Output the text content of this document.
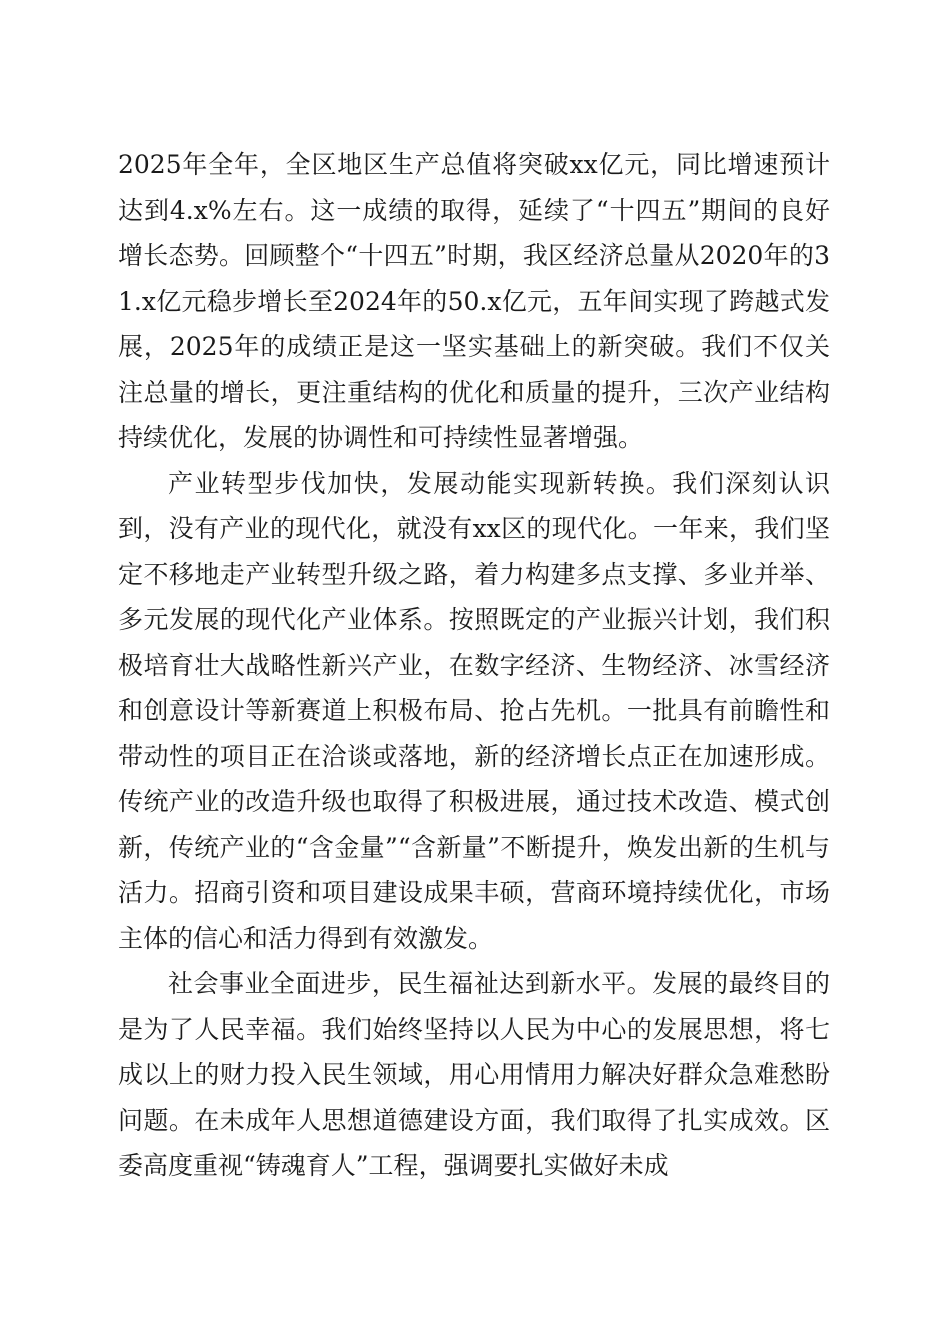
2025年全年，全区地区生产总值将突破xx亿元，同比增速预计达到4.x%左右。这一成绩的取得，延续了“十四五”期间的良好增长态势。回顾整个“十四五”时期，我区经济总量从2020年的31.x亿元稳步增长至2024年的50.x亿元，五年间实现了跨越式发展，2025年的成绩正是这一坚实基础上的新突破。我们不仅关注总量的增长，更注重结构的优化和质量的提升，三次产业结构持续优化，发展的协调性和可持续性显著增强。

产业转型步伐加快，发展动能实现新转换。我们深刻认识到，没有产业的现代化，就没有xx区的现代化。一年来，我们坚定不移地走产业转型升级之路，着力构建多点支撑、多业并举、多元发展的现代化产业体系。按照既定的产业振兴计划，我们积极培育壮大战略性新兴产业，在数字经济、生物经济、冰雪经济和创意设计等新赛道上积极布局、抢占先机。一批具有前瞻性和带动性的项目正在洽谈或落地，新的经济增长点正在加速形成。传统产业的改造升级也取得了积极进展，通过技术改造、模式创新，传统产业的“含金量”“含新量”不断提升，焕发出新的生机与活力。招商引资和项目建设成果丰硕，营商环境持续优化，市场主体的信心和活力得到有效激发。

社会事业全面进步，民生福祉达到新水平。发展的最终目的是为了人民幸福。我们始终坚持以人民为中心的发展思想，将七成以上的财力投入民生领域，用心用情用力解决好群众急难愁盼问题。在未成年人思想道德建设方面，我们取得了扎实成效。区委高度重视“铸魂育人”工程，强调要扎实做好未成
